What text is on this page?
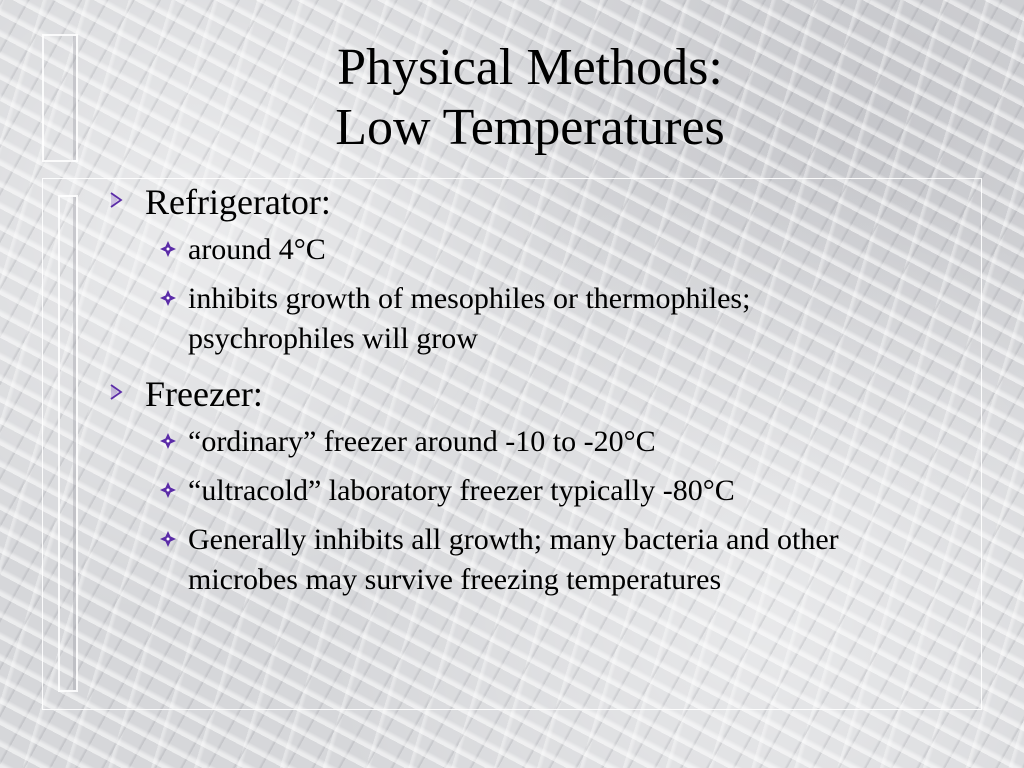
Physical Methods:
Low Temperatures
Refrigerator:
around 4°C
inhibits growth of mesophiles or thermophiles;
psychrophiles will grow
Freezer:
“ordinary” freezer around -10 to -20°C
“ultracold” laboratory freezer typically -80°C
Generally inhibits all growth; many bacteria and other
microbes may survive freezing temperatures
